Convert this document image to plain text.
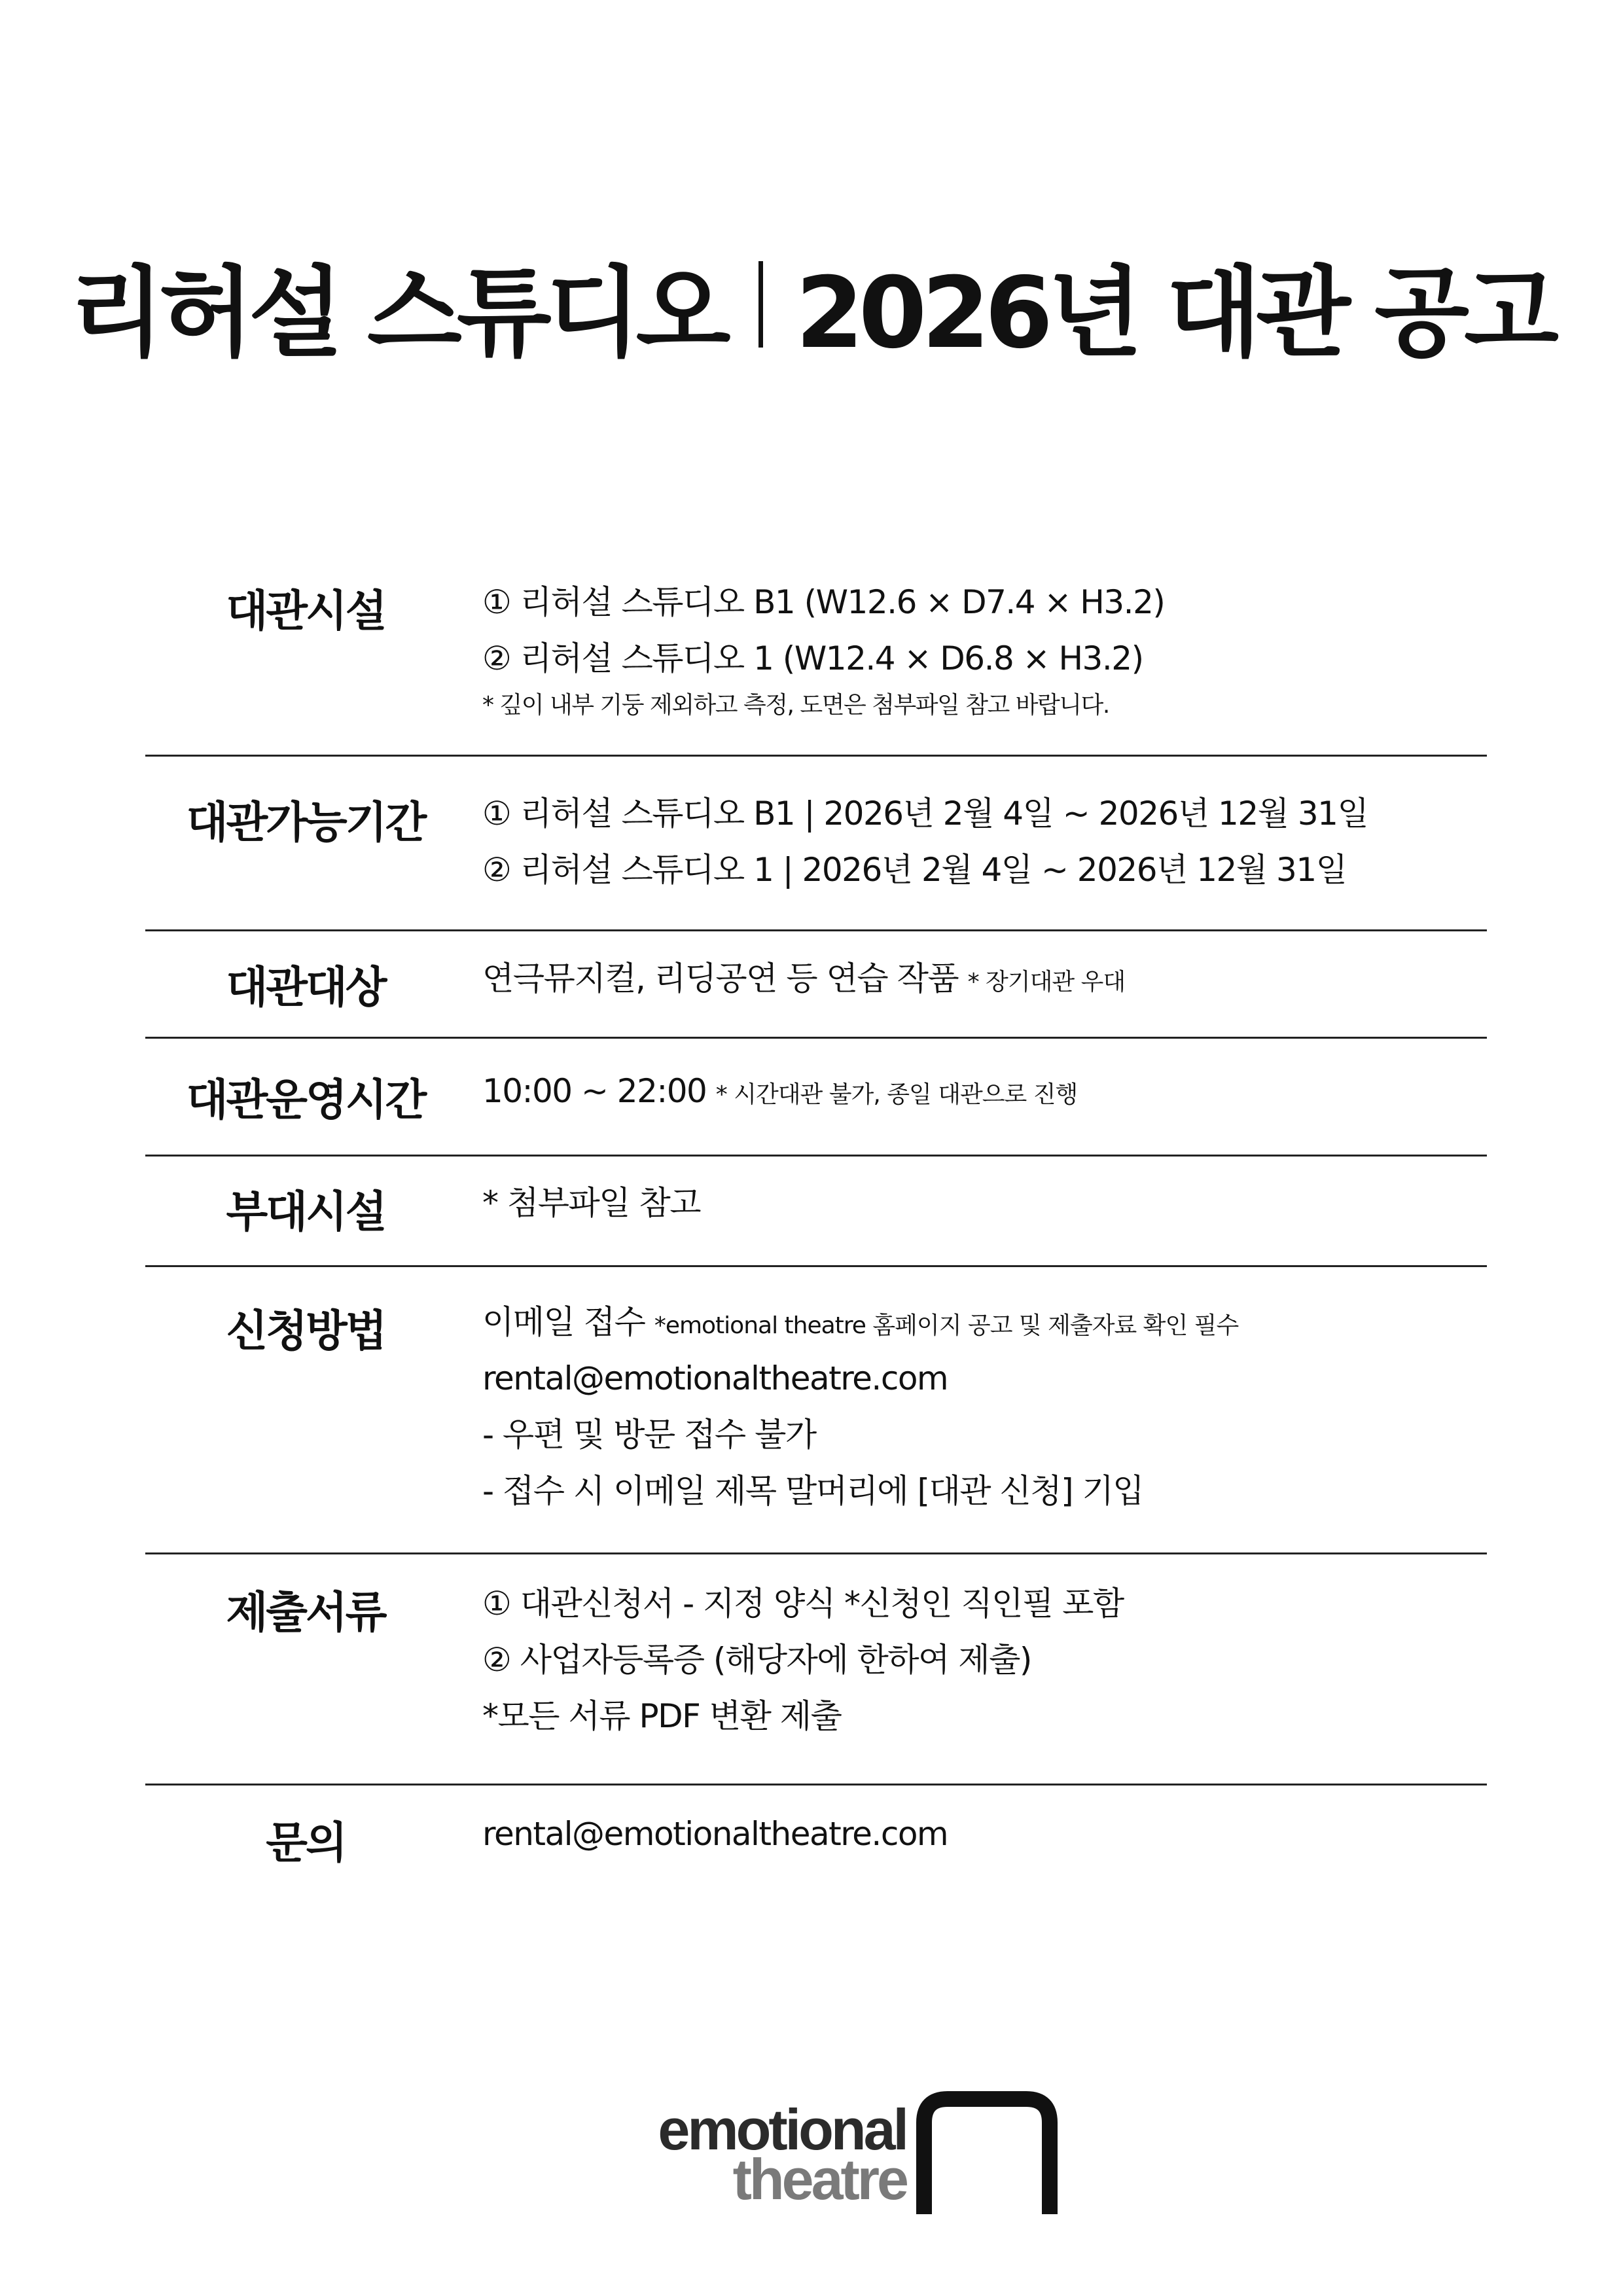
리허설 스튜디오 2026년 대관 공고
대관시설	① 리허설 스튜디오 B1 (W12.6 × D7.4 × H3.2)
② 리허설 스튜디오 1 (W12.4 × D6.8 × H3.2)
* 깊이 내부 기둥 제외하고 측정, 도면은 첨부파일 참고 바랍니다.
대관가능기간	① 리허설 스튜디오 B1 | 2026년 2월 4일 ~ 2026년 12월 31일
② 리허설 스튜디오 1 | 2026년 2월 4일 ~ 2026년 12월 31일
대관대상	연극뮤지컬, 리딩공연 등 연습 작품 * 장기대관 우대
대관운영시간	10:00 ~ 22:00 * 시간대관 불가, 종일 대관으로 진행
부대시설	* 첨부파일 참고
신청방법	이메일 접수 *emotional theatre 홈페이지 공고 및 제출자료 확인 필수
rental@emotionaltheatre.com
- 우편 및 방문 접수 불가
- 접수 시 이메일 제목 말머리에 [대관 신청] 기입
제출서류	① 대관신청서 - 지정 양식 *신청인 직인필 포함
② 사업자등록증 (해당자에 한하여 제출)
*모든 서류 PDF 변환 제출
문의	rental@emotionaltheatre.com
emotional
theatre
